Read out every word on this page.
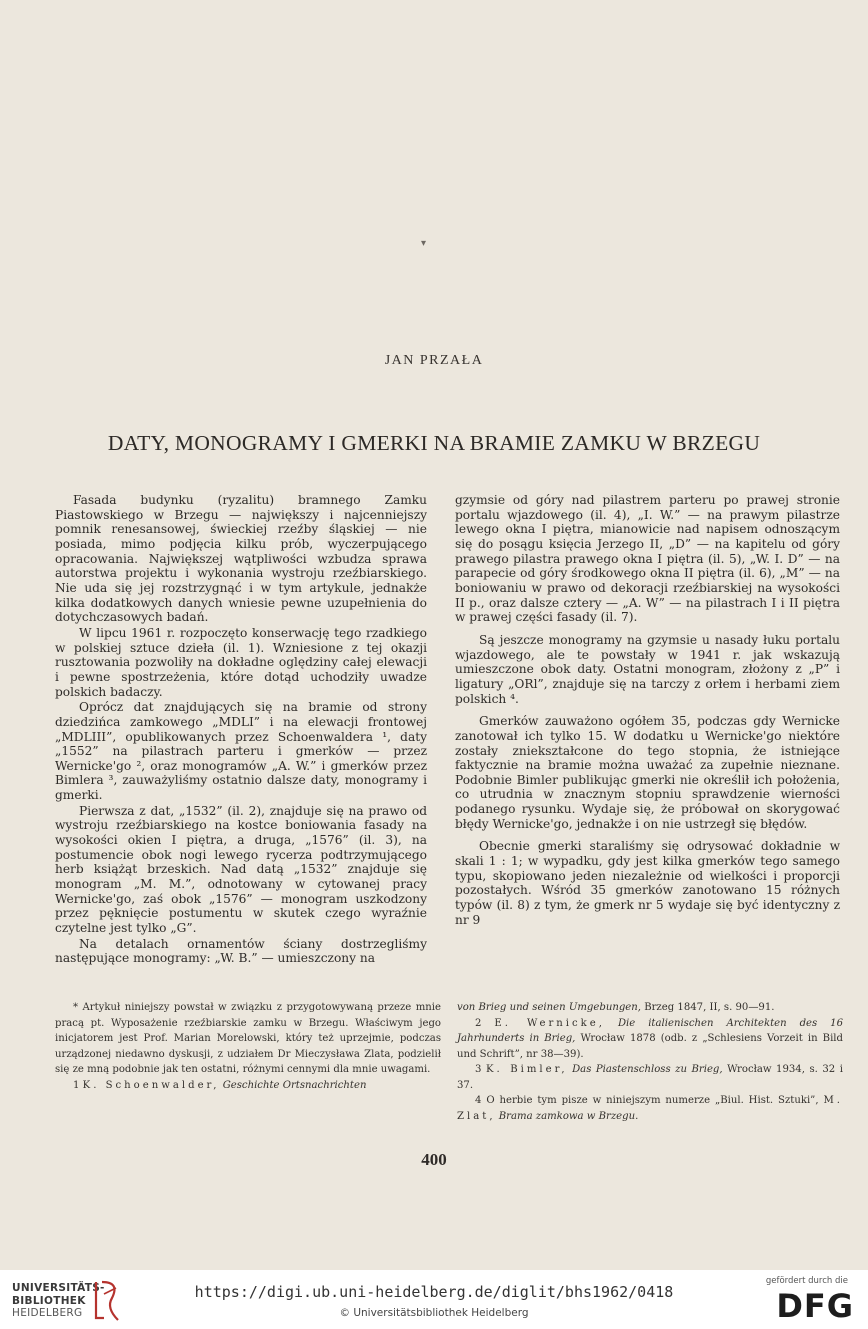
▾
JAN PRZAŁA
DATY, MONOGRAMY I GMERKI NA BRAMIE ZAMKU W BRZEGU

Fasada budynku (ryzalitu) bramnego Zamku Piastowskiego w Brzegu — największy i najcenniejszy pomnik renesansowej, świeckiej rzeźby śląskiej — nie posiada, mimo podjęcia kilku prób, wyczerpującego opracowania. Największej wątpliwości wzbudza sprawa autorstwa projektu i wykonania wystroju rzeźbiarskiego. Nie uda się jej rozstrzygnąć i w tym artykule, jednakże kilka dodatkowych danych wniesie pewne uzupełnienia do dotychczasowych badań.

W lipcu 1961 r. rozpoczęto konserwację tego rzadkiego w polskiej sztuce dzieła (il. 1). Wzniesione z tej okazji rusztowania pozwoliły na dokładne oględziny całej elewacji i pewne spostrzeżenia, które dotąd uchodziły uwadze polskich badaczy.

Oprócz dat znajdujących się na bramie od strony dziedzińca zamkowego „MDLI” i na elewacji frontowej „MDLIII”, opublikowanych przez Schoenwaldera ¹, daty „1552” na pilastrach parteru i gmerków — przez Wernicke'go ², oraz monogramów „A. W.” i gmerków przez Bimlera ³, zauważyliśmy ostatnio dalsze daty, monogramy i gmerki.

Pierwsza z dat, „1532” (il. 2), znajduje się na prawo od wystroju rzeźbiarskiego na kostce boniowania fasady na wysokości okien I piętra, a druga, „1576” (il. 3), na postumencie obok nogi lewego rycerza podtrzymującego herb książąt brzeskich. Nad datą „1532” znajduje się monogram „M. M.”, odnotowany w cytowanej pracy Wernicke'go, zaś obok „1576” — monogram uszkodzony przez pęknięcie postumentu w skutek czego wyraźnie czytelne jest tylko „G”.

Na detalach ornamentów ściany dostrzegliśmy następujące monogramy: „W. B.” — umieszczony na

gzymsie od góry nad pilastrem parteru po prawej stronie portalu wjazdowego (il. 4), „I. W.” — na prawym pilastrze lewego okna I piętra, mianowicie nad napisem odnoszącym się do posągu księcia Jerzego II, „D” — na kapitelu od góry prawego pilastra prawego okna I piętra (il. 5), „W. I. D” — na parapecie od góry środkowego okna II piętra (il. 6), „M” — na boniowaniu w prawo od dekoracji rzeźbiarskiej na wysokości II p., oraz dalsze cztery — „A. W” — na pilastrach I i II piętra w prawej części fasady (il. 7).

Są jeszcze monogramy na gzymsie u nasady łuku portalu wjazdowego, ale te powstały w 1941 r. jak wskazują umieszczone obok daty. Ostatni monogram, złożony z „P” i ligatury „ORl”, znajduje się na tarczy z orłem i herbami ziem polskich ⁴.

Gmerków zauważono ogółem 35, podczas gdy Wernicke zanotował ich tylko 15. W dodatku u Wernicke'go niektóre zostały zniekształcone do tego stopnia, że istniejące faktycznie na bramie można uważać za zupełnie nieznane. Podobnie Bimler publikując gmerki nie określił ich położenia, co utrudnia w znacznym stopniu sprawdzenie wierności podanego rysunku. Wydaje się, że próbował on skorygować błędy Wernicke'go, jednakże i on nie ustrzegł się błędów.

Obecnie gmerki staraliśmy się odrysować dokładnie w skali 1 : 1; w wypadku, gdy jest kilka gmerków tego samego typu, skopiowano jeden niezależnie od wielkości i proporcji pozostałych. Wśród 35 gmerków zanotowano 15 różnych typów (il. 8) z tym, że gmerk nr 5 wydaje się być identyczny z nr 9

* Artykuł niniejszy powstał w związku z przygotowywaną przeze mnie pracą pt. Wyposażenie rzeźbiarskie zamku w Brzegu. Właściwym jego inicjatorem jest Prof. Marian Morelowski, który też uprzejmie, podczas urządzonej niedawno dyskusji, z udziałem Dr Mieczysława Zlata, podzielił się ze mną podobnie jak ten ostatni, różnymi cennymi dla mnie uwagami.

1 K. Schoenwalder, Geschichte Ortsnachrichten

von Brieg und seinen Umgebungen, Brzeg 1847, II, s. 90—91.

2 E. Wernicke, Die italienischen Architekten des 16 Jahrhunderts in Brieg, Wrocław 1878 (odb. z „Schlesiens Vorzeit in Bild und Schrift”, nr 38—39).

3 K. Bimler, Das Piastenschloss zu Brieg, Wrocław 1934, s. 32 i 37.

4 O herbie tym pisze w niniejszym numerze „Biul. Hist. Sztuki”, M. Zlat, Brama zamkowa w Brzegu.

400
UNIVERSITÄTS-
BIBLIOTHEK
HEIDELBERG
https://digi.ub.uni-heidelberg.de/diglit/bhs1962/0418
© Universitätsbibliothek Heidelberg
gefördert durch die
DFG
